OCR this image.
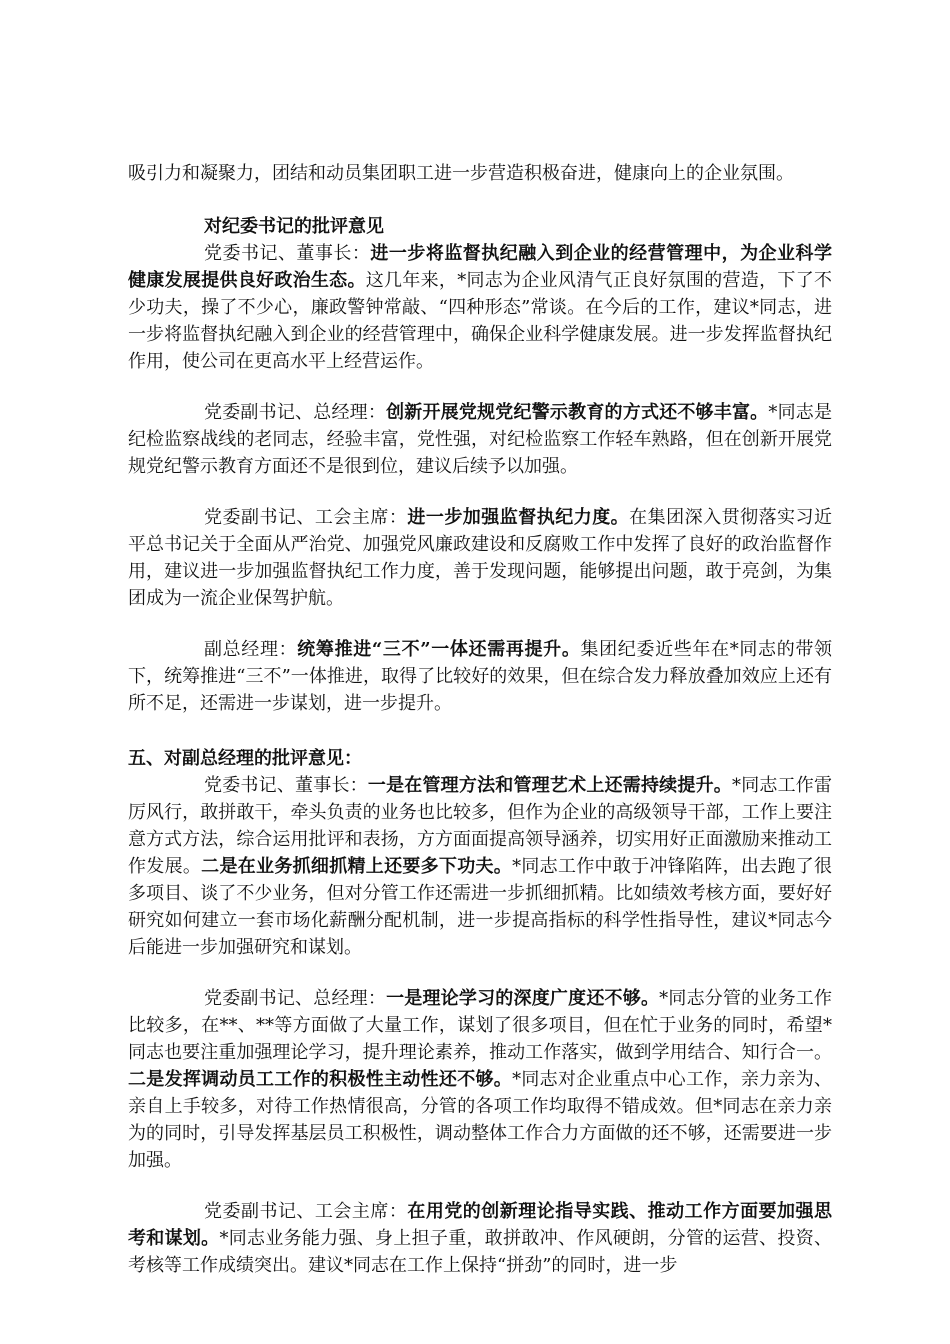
吸引力和凝聚力，团结和动员集团职工进一步营造积极奋进，健康向上的企业氛围。

对纪委书记的批评意见

党委书记、董事长：进一步将监督执纪融入到企业的经营管理中，为企业科学健康发展提供良好政治生态。这几年来，*同志为企业风清气正良好氛围的营造，下了不少功夫，操了不少心，廉政警钟常敲、“四种形态”常谈。在今后的工作，建议*同志，进一步将监督执纪融入到企业的经营管理中，确保企业科学健康发展。进一步发挥监督执纪作用，使公司在更高水平上经营运作。

党委副书记、总经理：创新开展党规党纪警示教育的方式还不够丰富。*同志是纪检监察战线的老同志，经验丰富，党性强，对纪检监察工作轻车熟路，但在创新开展党规党纪警示教育方面还不是很到位，建议后续予以加强。

党委副书记、工会主席：进一步加强监督执纪力度。在集团深入贯彻落实习近平总书记关于全面从严治党、加强党风廉政建设和反腐败工作中发挥了良好的政治监督作用，建议进一步加强监督执纪工作力度，善于发现问题，能够提出问题，敢于亮剑，为集团成为一流企业保驾护航。

副总经理：统筹推进“三不”一体还需再提升。集团纪委近些年在*同志的带领下，统筹推进“三不”一体推进，取得了比较好的效果，但在综合发力释放叠加效应上还有所不足，还需进一步谋划，进一步提升。

五、对副总经理的批评意见：

党委书记、董事长：一是在管理方法和管理艺术上还需持续提升。*同志工作雷厉风行，敢拼敢干，牵头负责的业务也比较多，但作为企业的高级领导干部，工作上要注意方式方法，综合运用批评和表扬，方方面面提高领导涵养，切实用好正面激励来推动工作发展。二是在业务抓细抓精上还要多下功夫。*同志工作中敢于冲锋陷阵，出去跑了很多项目、谈了不少业务，但对分管工作还需进一步抓细抓精。比如绩效考核方面，要好好研究如何建立一套市场化薪酬分配机制，进一步提高指标的科学性指导性，建议*同志今后能进一步加强研究和谋划。

党委副书记、总经理：一是理论学习的深度广度还不够。*同志分管的业务工作比较多，在**、**等方面做了大量工作，谋划了很多项目，但在忙于业务的同时，希望*同志也要注重加强理论学习，提升理论素养，推动工作落实，做到学用结合、知行合一。二是发挥调动员工工作的积极性主动性还不够。*同志对企业重点中心工作，亲力亲为、亲自上手较多，对待工作热情很高，分管的各项工作均取得不错成效。但*同志在亲力亲为的同时，引导发挥基层员工积极性，调动整体工作合力方面做的还不够，还需要进一步加强。

党委副书记、工会主席：在用党的创新理论指导实践、推动工作方面要加强思考和谋划。*同志业务能力强、身上担子重，敢拼敢冲、作风硬朗，分管的运营、投资、考核等工作成绩突出。建议*同志在工作上保持“拼劲”的同时，进一步
